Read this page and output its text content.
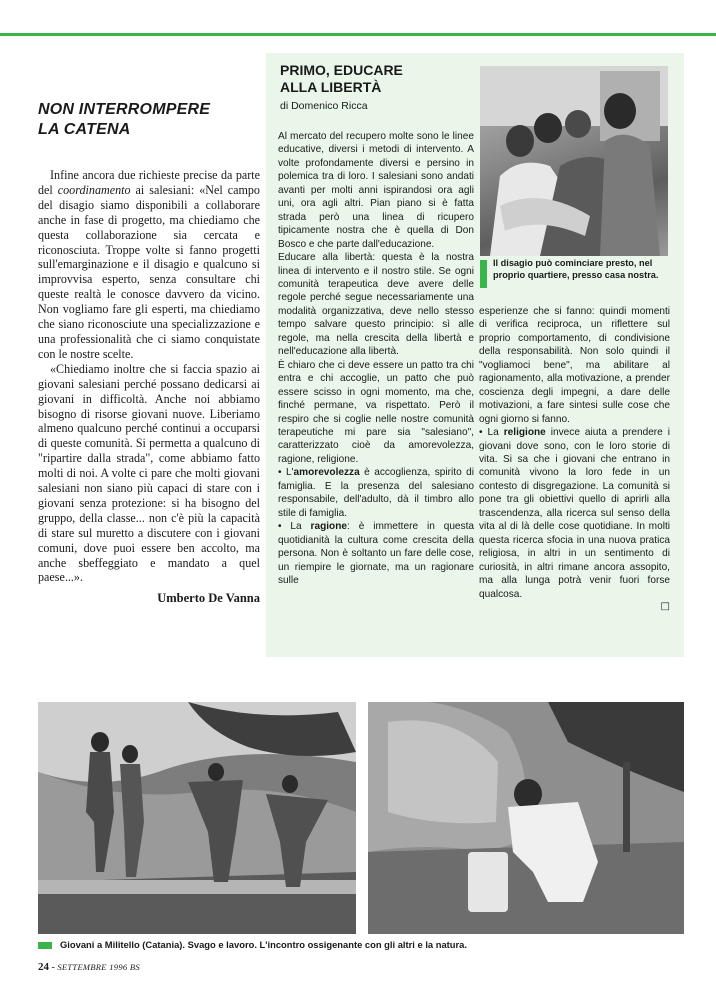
NON INTERROMPERE
LA CATENA

Infine ancora due richieste precise da parte del coordinamento ai salesiani: «Nel campo del disagio siamo disponibili a collaborare anche in fase di progetto, ma chiediamo che questa collaborazione sia cercata e riconosciuta. Troppe volte si fanno progetti sull'emarginazione e il disagio e qualcuno si improvvisa esperto, senza consultare chi queste realtà le conosce davvero da vicino. Non vogliamo fare gli esperti, ma chiediamo che siano riconosciute una specializzazione e una professionalità che ci siamo conquistate con le nostre scelte.

«Chiediamo inoltre che si faccia spazio ai giovani salesiani perché possano dedicarsi ai giovani in difficoltà. Anche noi abbiamo bisogno di risorse giovani nuove. Liberiamo almeno qualcuno perché continui a occuparsi di queste comunità. Si permetta a qualcuno di "ripartire dalla strada", come abbiamo fatto molti di noi. A volte ci pare che molti giovani salesiani non siano più capaci di stare con i giovani senza protezione: si ha bisogno del gruppo, della classe... non c'è più la capacità di stare sul muretto a discutere con i giovani comuni, dove puoi essere ben accolto, ma anche sbeffeggiato e mandato a quel paese...».

Umberto De Vanna
PRIMO, EDUCARE
ALLA LIBERTÀ
di Domenico Ricca

Al mercato del recupero molte sono le linee educative, diversi i metodi di intervento. A volte profondamente diversi e persino in polemica tra di loro. I salesiani sono andati avanti per molti anni ispirandosi ora agli uni, ora agli altri. Pian piano si è fatta strada però una linea di ricupero tipicamente nostra che è quella di Don Bosco e che parte dall'educazione.

Educare alla libertà: questa è la nostra linea di intervento e il nostro stile. Se ogni comunità terapeutica deve avere delle regole perché segue necessariamente una modalità organizzativa, deve nello stesso tempo salvare questo principio: sì alle regole, ma nella crescita della libertà e nell'educazione alla libertà.

È chiaro che ci deve essere un patto tra chi entra e chi accoglie, un patto che può essere scisso in ogni momento, ma che, finché permane, va rispettato. Però il respiro che si coglie nelle nostre comunità terapeutiche mi pare sia "salesiano", caratterizzato cioè da amorevolezza, ragione, religione.

• L'amorevolezza è accoglienza, spirito di famiglia. E la presenza del salesiano responsabile, dell'adulto, dà il timbro allo stile di famiglia.

• La ragione: è immettere in questa quotidianità la cultura come crescita della persona. Non è soltanto un fare delle cose, un riempire le giornate, ma un ragionare sulle

Il disagio può cominciare presto, nel proprio quartiere, presso casa nostra.

esperienze che si fanno: quindi momenti di verifica reciproca, un riflettere sul proprio comportamento, di condivisione della responsabilità. Non solo quindi il "vogliamoci bene", ma abilitare al ragionamento, alla motivazione, a prender coscienza degli impegni, a dare delle motivazioni, a fare sintesi sulle cose che ogni giorno si fanno.

• La religione invece aiuta a prendere i giovani dove sono, con le loro storie di vita. Si sa che i giovani che entrano in comunità vivono la loro fede in un contesto di disgregazione. La comunità si pone tra gli obiettivi quello di aprirli alla trascendenza, alla ricerca sul senso della vita al di là delle cose quotidiane. In molti questa ricerca sfocia in una nuova pratica religiosa, in altri in un sentimento di curiosità, in altri rimane ancora assopito, ma alla lunga potrà venir fuori forse qualcosa.

□
Giovani a Militello (Catania). Svago e lavoro. L'incontro ossigenante con gli altri e la natura.
24 - SETTEMBRE 1996 BS
